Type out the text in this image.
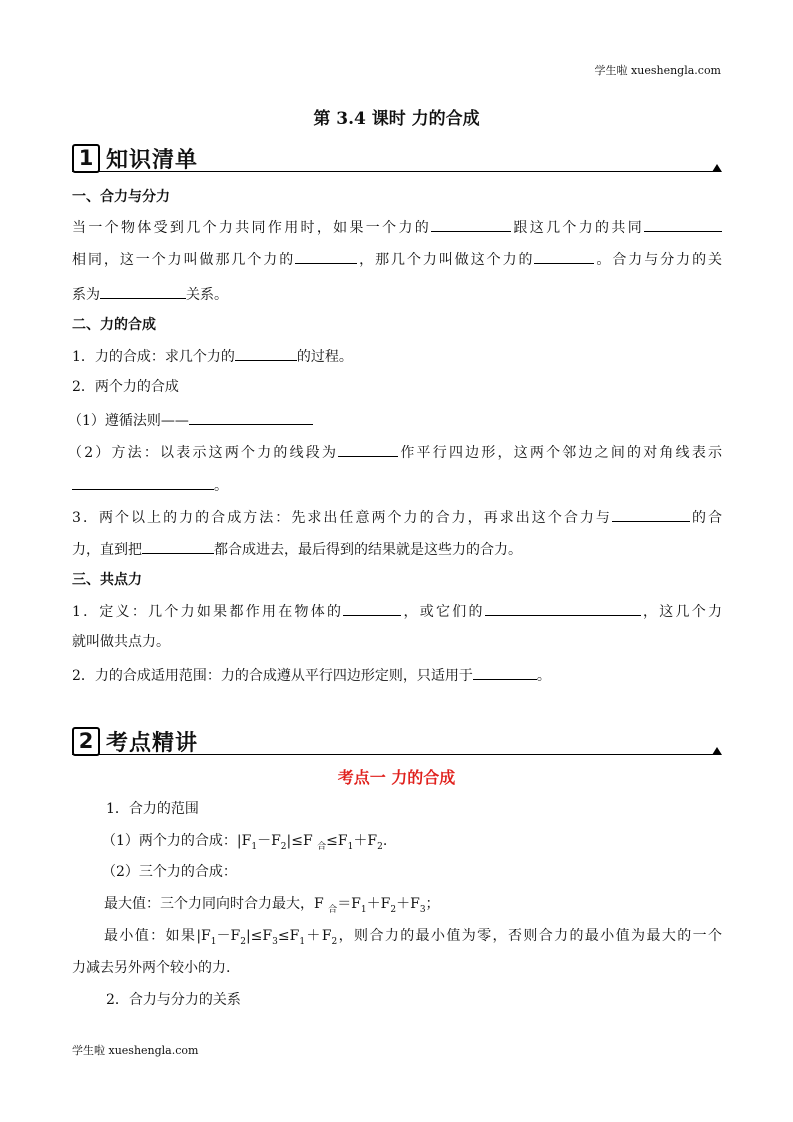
学生啦 xueshengla.com
第 3.4 课时 力的合成
1 知识清单
一、合力与分力
当一个物体受到几个力共同作用时，如果一个力的	跟这几个力的共同
相同，这一个力叫做那几个力的	，那几个力叫做这个力的	。合力与分力的关
系为	关系。
二、力的合成
1．力的合成：求几个力的	的过程。
2．两个力的合成
（1）遵循法则——
（2）方法：以表示这两个力的线段为	作平行四边形，这两个邻边之间的对角线表示
。
3．两个以上的力的合成方法：先求出任意两个力的合力，再求出这个合力与	的合
力，直到把	都合成进去，最后得到的结果就是这些力的合力。
三、共点力
1．定义：几个力如果都作用在物体的	，或它们的	，这几个力
就叫做共点力。
2．力的合成适用范围：力的合成遵从平行四边形定则，只适用于	。
2 考点精讲
考点一 力的合成
1．合力的范围
（1）两个力的合成：$|F_1-F_2|\le F$ $_合\le F_1+F_2$.
（2）三个力的合成：
最大值：三个力同向时合力最大，F $_合=F_1+F_2+F_3$；
最小值：如果$|F_1-F_2|\le F_3\le F_1+F_2$，则合力的最小值为零，否则合力的最小值为最大的一个
力减去另外两个较小的力.
2．合力与分力的关系
学生啦 xueshengla.com
